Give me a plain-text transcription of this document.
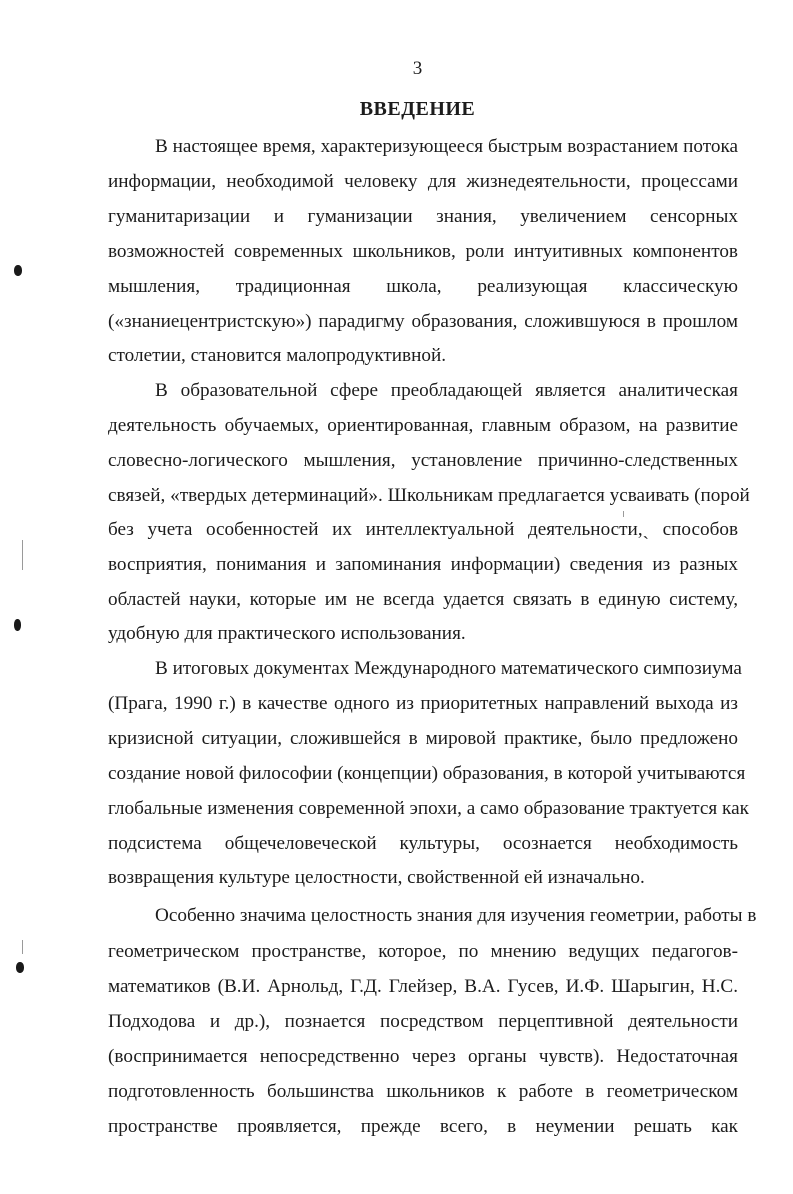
3
ВВЕДЕНИЕ
В настоящее время, характеризующееся быстрым возрастанием потока
информации, необходимой человеку для жизнедеятельности, процессами
гуманитаризации и гуманизации знания, увеличением сенсорных
возможностей современных школьников, роли интуитивных компонентов
мышления, традиционная школа, реализующая классическую
(«знаниецентристскую») парадигму образования, сложившуюся в прошлом
столетии, становится малопродуктивной.
В образовательной сфере преобладающей является аналитическая
деятельность обучаемых, ориентированная, главным образом, на развитие
словесно-логического мышления, установление причинно-следственных
связей, «твердых детерминаций». Школьникам предлагается усваивать (порой
без учета особенностей их интеллектуальной деятельности,ˎ способов
восприятия, понимания и запоминания информации) сведения из разных
областей науки, которые им не всегда удается связать в единую систему,
удобную для практического использования.
В итоговых документах Международного математического симпозиума
(Прага, 1990 г.) в качестве одного из приоритетных направлений выхода из
кризисной ситуации, сложившейся в мировой практике, было предложено
создание новой философии (концепции) образования, в которой учитываются
глобальные изменения современной эпохи, а само образование трактуется как
подсистема общечеловеческой культуры, осознается необходимость
возвращения культуре целостности, свойственной ей изначально.
Особенно значима целостность знания для изучения геометрии, работы в
геометрическом пространстве, которое, по мнению ведущих педагогов-
математиков (В.И. Арнольд, Г.Д. Глейзер, В.А. Гусев, И.Ф. Шарыгин, Н.С.
Подходова и др.), познается посредством перцептивной деятельности
(воспринимается непосредственно через органы чувств). Недостаточная
подготовленность большинства школьников к работе в геометрическом
пространстве проявляется, прежде всего, в неумении решать как
